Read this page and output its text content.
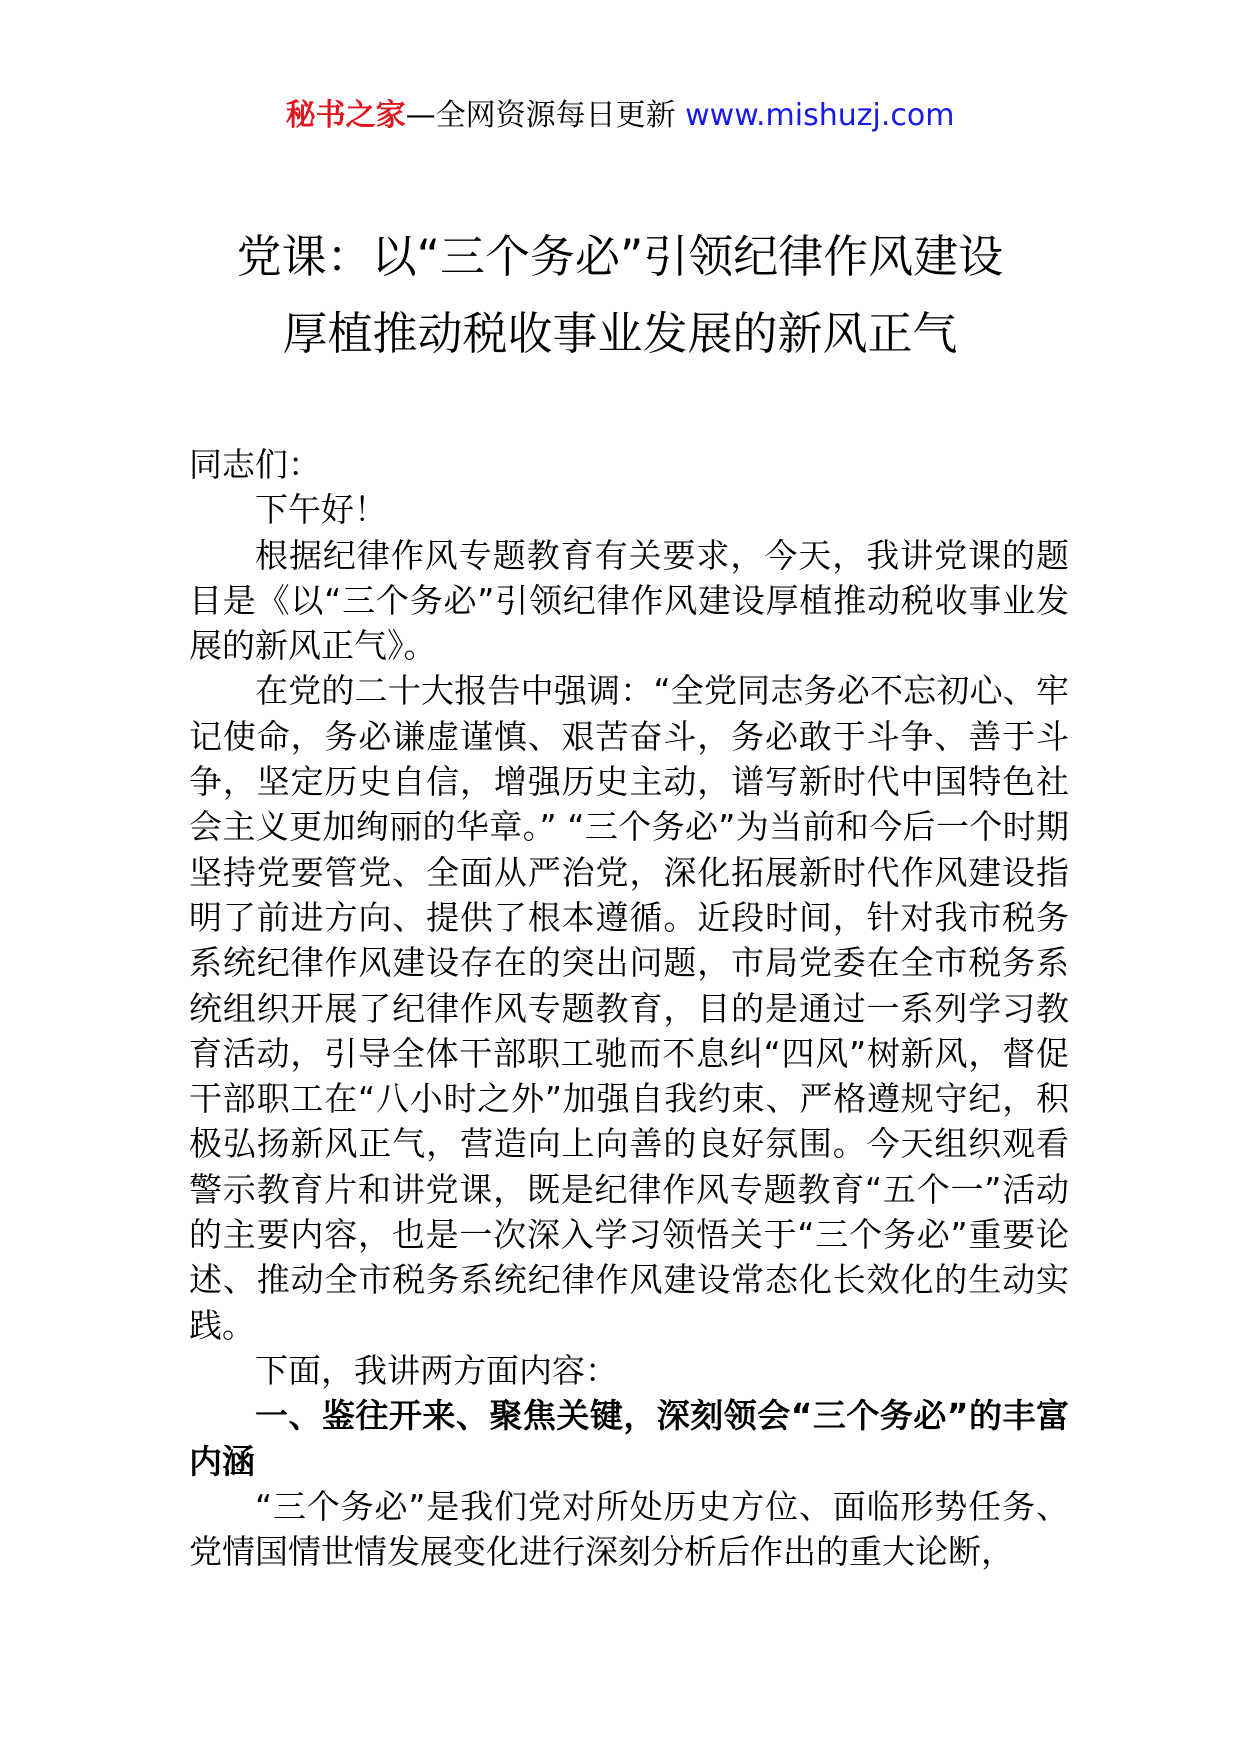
秘书之家—全网资源每日更新 www.mishuzj.com
党课：以“三个务必”引领纪律作风建设
厚植推动税收事业发展的新风正气

同志们：

下午好！

根据纪律作风专题教育有关要求，今天，我讲党课的题目是《以“三个务必”引领纪律作风建设厚植推动税收事业发展的新风正气》。

在党的二十大报告中强调：“全党同志务必不忘初心、牢记使命，务必谦虚谨慎、艰苦奋斗，务必敢于斗争、善于斗争，坚定历史自信，增强历史主动，谱写新时代中国特色社会主义更加绚丽的华章。” “三个务必”为当前和今后一个时期坚持党要管党、全面从严治党，深化拓展新时代作风建设指明了前进方向、提供了根本遵循。近段时间，针对我市税务系统纪律作风建设存在的突出问题，市局党委在全市税务系统组织开展了纪律作风专题教育，目的是通过一系列学习教育活动，引导全体干部职工驰而不息纠“四风”树新风，督促干部职工在“八小时之外”加强自我约束、严格遵规守纪，积极弘扬新风正气，营造向上向善的良好氛围。今天组织观看警示教育片和讲党课，既是纪律作风专题教育“五个一”活动的主要内容，也是一次深入学习领悟关于“三个务必”重要论述、推动全市税务系统纪律作风建设常态化长效化的生动实践。

下面，我讲两方面内容：

一、鉴往开来、聚焦关键，深刻领会“三个务必”的丰富内涵

“三个务必”是我们党对所处历史方位、面临形势任务、党情国情世情发展变化进行深刻分析后作出的重大论断，
